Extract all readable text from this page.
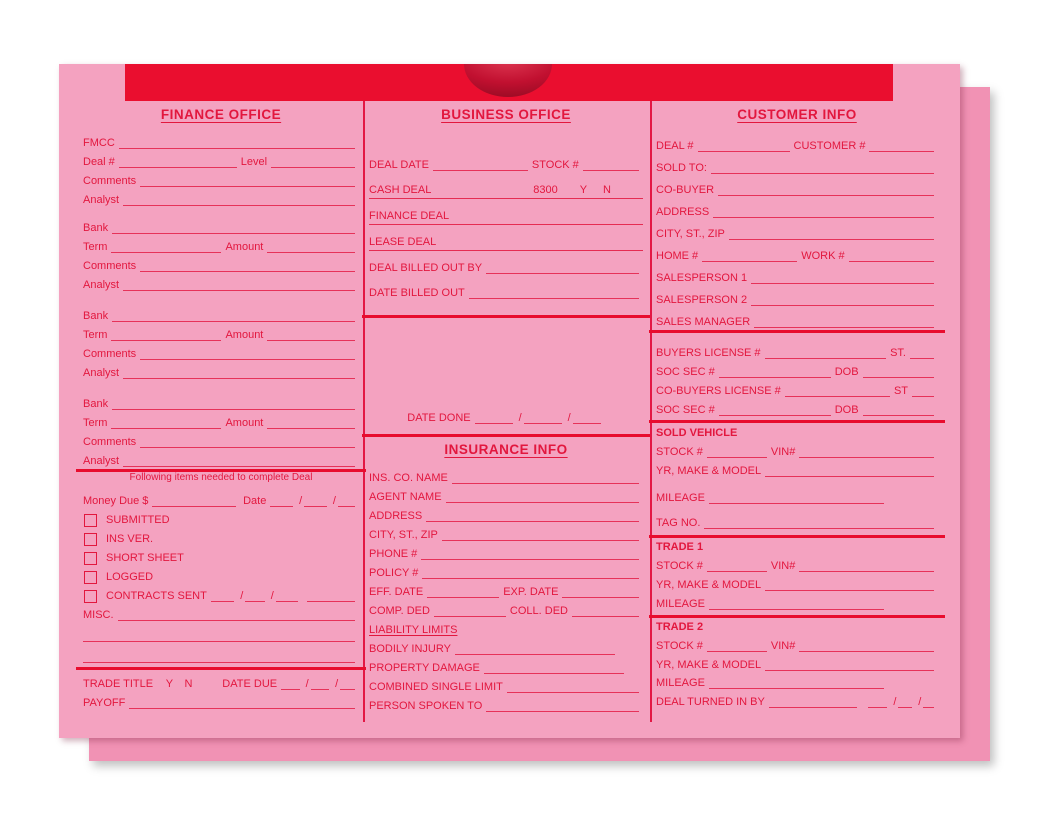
FINANCE OFFICE
FMCC
Deal #	Level
Comments
Analyst
Bank
Term	Amount
Comments
Analyst
Bank
Term	Amount
Comments
Analyst
Bank
Term	Amount
Comments
Analyst
Following items needed to complete Deal
Money Due $	Date	/	/
SUBMITTED
INS VER.
SHORT SHEET
LOGGED
CONTRACTS SENT	/ /
MISC.
TRADE TITLE Y N	DATE DUE	/ /
PAYOFF
BUSINESS OFFICE
DEAL DATE	STOCK #
CASH DEAL	8300 Y N
FINANCE DEAL
LEASE DEAL
DEAL BILLED OUT BY
DATE BILLED OUT
DATE DONE	/	/
INSURANCE INFO
INS. CO. NAME
AGENT NAME
ADDRESS
CITY, ST., ZIP
PHONE #
POLICY #
EFF. DATE	EXP. DATE
COMP. DED	COLL. DED
LIABILITY LIMITS
BODILY INJURY
PROPERTY DAMAGE
COMBINED SINGLE LIMIT
PERSON SPOKEN TO
CUSTOMER INFO
DEAL #	CUSTOMER #
SOLD TO:
CO-BUYER
ADDRESS
CITY, ST., ZIP
HOME #	WORK #
SALESPERSON 1
SALESPERSON 2
SALES MANAGER
BUYERS LICENSE #	ST.
SOC SEC #	DOB
CO-BUYERS LICENSE #	ST
SOC SEC #	DOB
SOLD VEHICLE
STOCK #	VIN#
YR, MAKE & MODEL
MILEAGE
TAG NO.
TRADE 1
STOCK #	VIN#
YR, MAKE & MODEL
MILEAGE
TRADE 2
STOCK #	VIN#
YR, MAKE & MODEL
MILEAGE
DEAL TURNED IN BY	/ /
